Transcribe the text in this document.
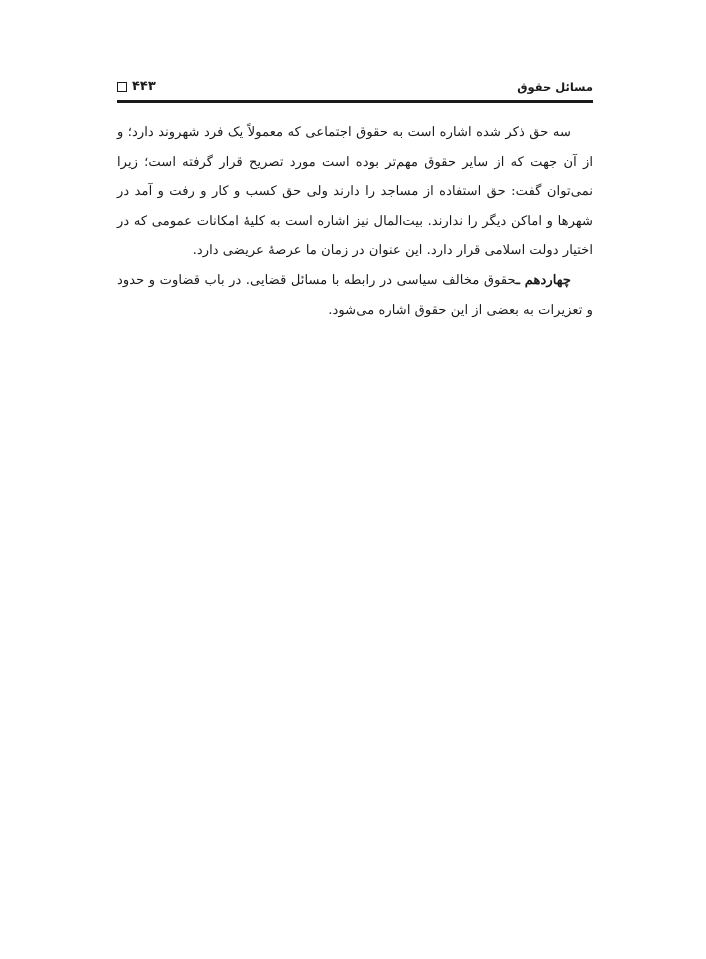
۴۴۳	مسائل حقوق

سه حق ذکر شده اشاره است به حقوق اجتماعی که معمولاً یک فرد شهروند دارد؛ و از آن جهت که از سایر حقوق مهم‌تر بوده است مورد تصریح قرار گرفته است؛ زیرا نمی‌توان گفت: حق استفاده از مساجد را دارند ولی حق کسب و کار و رفت و آمد در شهرها و اماکن دیگر را ندارند. بیت‌المال نیز اشاره است به کلیهٔ امکانات عمومی که در اختیار دولت اسلامی قرار دارد. این عنوان در زمان ما عرصهٔ عریضی دارد.

چهاردهم ـحقوق مخالف سیاسی در رابطه با مسائل قضایی. در باب قضاوت و حدود و تعزیرات به بعضی از این حقوق اشاره می‌شود.
